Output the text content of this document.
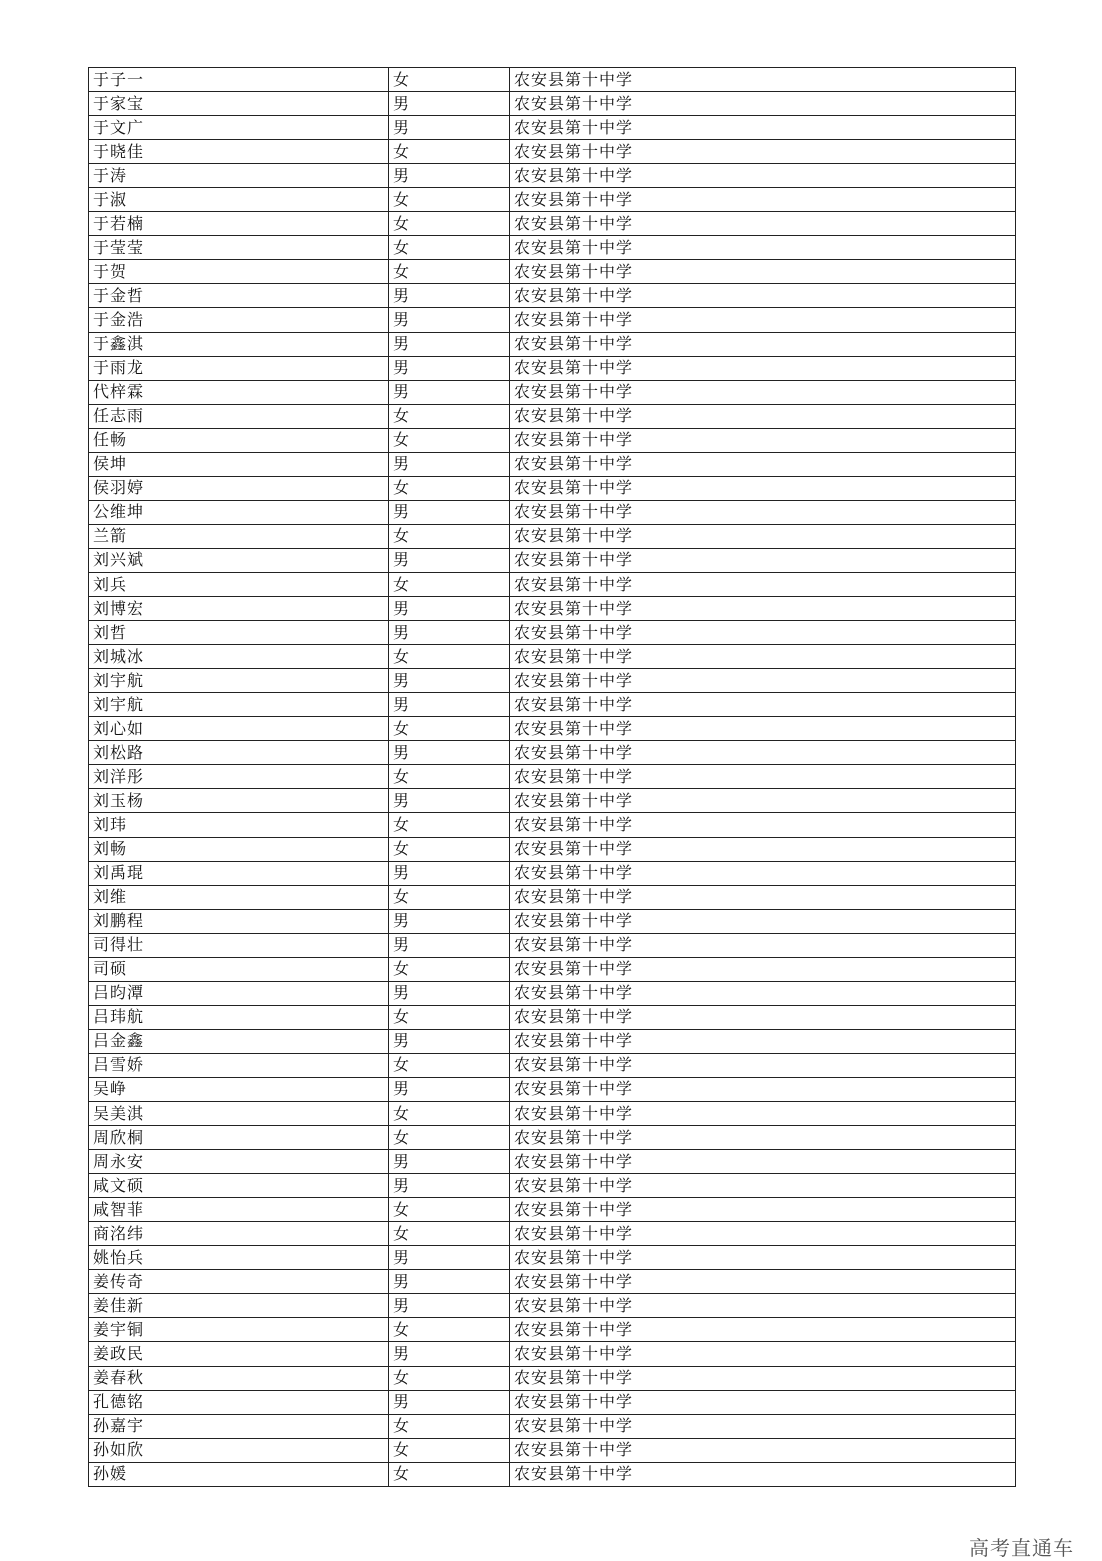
于子一	女	农安县第十中学
于家宝	男	农安县第十中学
于文广	男	农安县第十中学
于晓佳	女	农安县第十中学
于涛	男	农安县第十中学
于淑	女	农安县第十中学
于若楠	女	农安县第十中学
于莹莹	女	农安县第十中学
于贺	女	农安县第十中学
于金哲	男	农安县第十中学
于金浩	男	农安县第十中学
于鑫淇	男	农安县第十中学
于雨龙	男	农安县第十中学
代梓霖	男	农安县第十中学
任志雨	女	农安县第十中学
任畅	女	农安县第十中学
侯坤	男	农安县第十中学
侯羽婷	女	农安县第十中学
公维坤	男	农安县第十中学
兰箭	女	农安县第十中学
刘兴斌	男	农安县第十中学
刘兵	女	农安县第十中学
刘博宏	男	农安县第十中学
刘哲	男	农安县第十中学
刘城冰	女	农安县第十中学
刘宇航	男	农安县第十中学
刘宇航	男	农安县第十中学
刘心如	女	农安县第十中学
刘松路	男	农安县第十中学
刘洋彤	女	农安县第十中学
刘玉杨	男	农安县第十中学
刘玮	女	农安县第十中学
刘畅	女	农安县第十中学
刘禹琨	男	农安县第十中学
刘维	女	农安县第十中学
刘鹏程	男	农安县第十中学
司得壮	男	农安县第十中学
司硕	女	农安县第十中学
吕昀潭	男	农安县第十中学
吕玮航	女	农安县第十中学
吕金鑫	男	农安县第十中学
吕雪娇	女	农安县第十中学
吴峥	男	农安县第十中学
吴美淇	女	农安县第十中学
周欣桐	女	农安县第十中学
周永安	男	农安县第十中学
咸文硕	男	农安县第十中学
咸智菲	女	农安县第十中学
商洺纬	女	农安县第十中学
姚怡兵	男	农安县第十中学
姜传奇	男	农安县第十中学
姜佳新	男	农安县第十中学
姜宇铜	女	农安县第十中学
姜政民	男	农安县第十中学
姜春秋	女	农安县第十中学
孔德铭	男	农安县第十中学
孙嘉宇	女	农安县第十中学
孙如欣	女	农安县第十中学
孙媛	女	农安县第十中学
高考直通车
